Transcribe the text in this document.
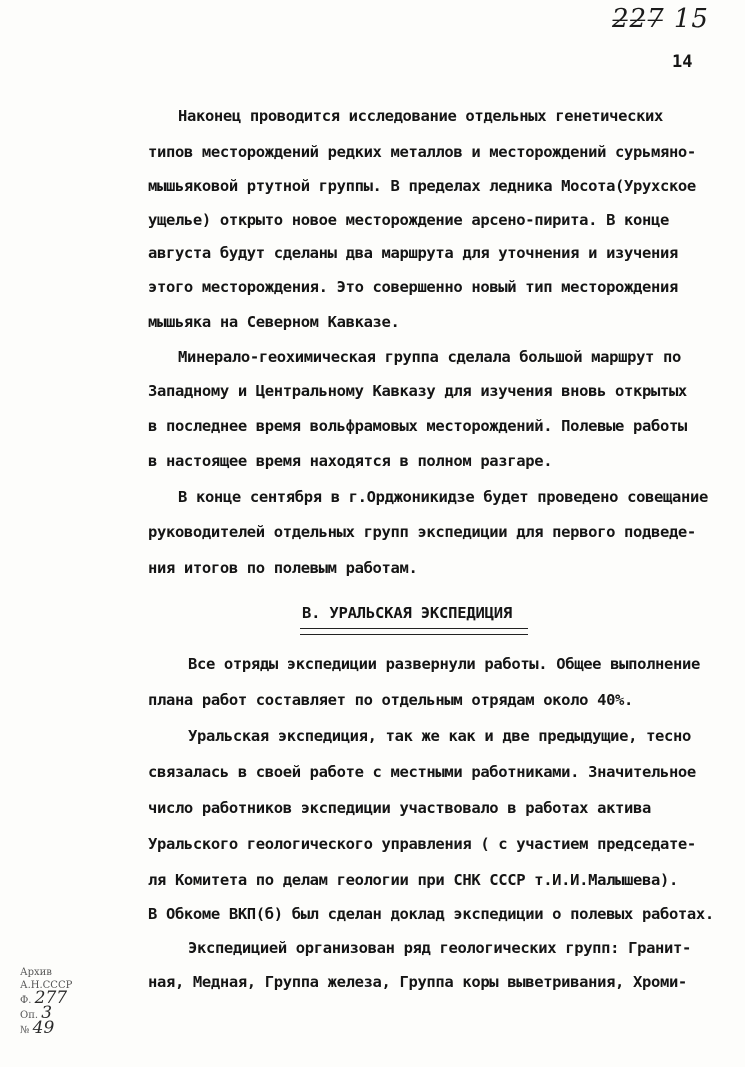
2̶2̶7̶ 15
14
Наконец проводится исследование отдельных генетических
типов месторождений редких металлов и месторождений сурьмяно-
мышьяковой ртутной группы. В пределах ледника Мосота(Урухское
ущелье) открыто новое месторождение арсено-пирита. В конце
августа будут сделаны два маршрута для уточнения и изучения
этого месторождения. Это совершенно новый тип месторождения
мышьяка на Северном Кавказе.
Минерало-геохимическая группа сделала большой маршрут по
Западному и Центральному Кавказу для изучения вновь открытых
в последнее время вольфрамовых месторождений. Полевые работы
в настоящее время находятся в полном разгаре.
В конце сентября в г.Орджоникидзе будет проведено совещание
руководителей отдельных групп экспедиции для первого подведе-
ния итогов по полевым работам.
В. УРАЛЬСКАЯ ЭКСПЕДИЦИЯ
Все отряды экспедиции развернули работы. Общее выполнение
плана работ составляет по отдельным отрядам около 40%.
Уральская экспедиция, так же как и две предыдущие, тесно
связалась в своей работе с местными работниками. Значительное
число работников экспедиции участвовало в работах актива
Уральского геологического управления ( с участием председате-
ля Комитета по делам геологии при СНК СССР т.И.И.Малышева).
В Обкоме ВКП(б) был сделан доклад экспедиции о полевых работах.
Экспедицией организован ряд геологических групп: Гранит-
ная, Медная, Группа железа, Группа коры выветривания, Хроми-
Архив
А.Н.СССР
Ф. 277
Оп. 3
№ 49
